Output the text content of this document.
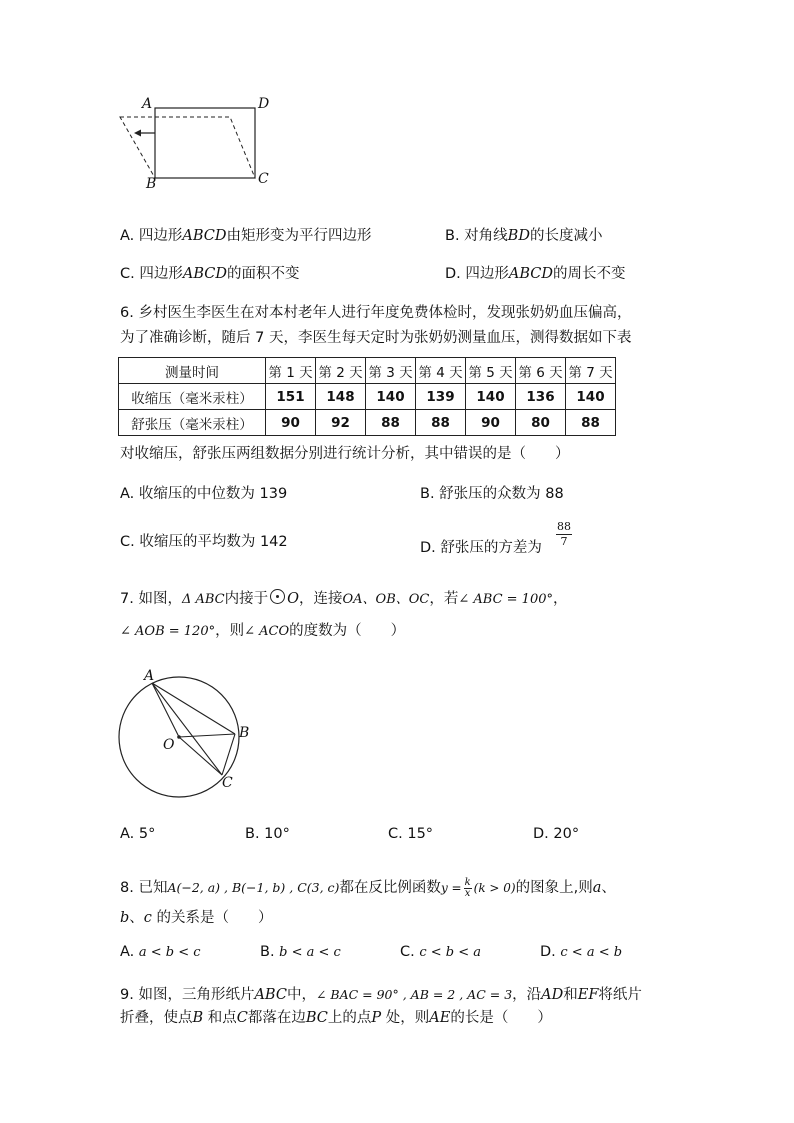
A	D
B	C
A. 四边形ABCD由矩形变为平行四边形	B. 对角线BD的长度减小
C. 四边形ABCD的面积不变	D. 四边形ABCD的周长不变
6. 乡村医生李医生在对本村老年人进行年度免费体检时，发现张奶奶血压偏高，
为了准确诊断，随后 7 天，李医生每天定时为张奶奶测量血压，测得数据如下表
测量时间	第 1 天	第 2 天	第 3 天	第 4 天	第 5 天	第 6 天	第 7 天
收缩压（毫米汞柱）	151	148	140	139	140	136	140
舒张压（毫米汞柱）	90	92	88	88	90	80	88
对收缩压，舒张压两组数据分别进行统计分析，其中错误的是（　　）
A. 收缩压的中位数为 139	B. 舒张压的众数为 88
C. 收缩压的平均数为 142	D. 舒张压的方差为
88
7
7. 如图，Δ ABC内接于 O，连接OA、OB、OC，若∠ ABC = 100°，
∠ AOB = 120°，则∠ ACO的度数为（　　）
A
B
O
C
A. 5°	B. 10°	C. 15°	D. 20°
8. 已知A(−2, a) , B(−1, b) , C(3, c)都在反比例函数$y = \frac{k}{x} (k > 0)$的图象上,则a、
b、c 的关系是（　　）
A. a < b < c	B. b < a < c	C. c < b < a	D. c < a < b
9. 如图，三角形纸片ABC中，∠ BAC = 90° , AB = 2 , AC = 3，沿AD和EF将纸片
折叠，使点B 和点C都落在边BC上的点P 处，则AE的长是（　　）
